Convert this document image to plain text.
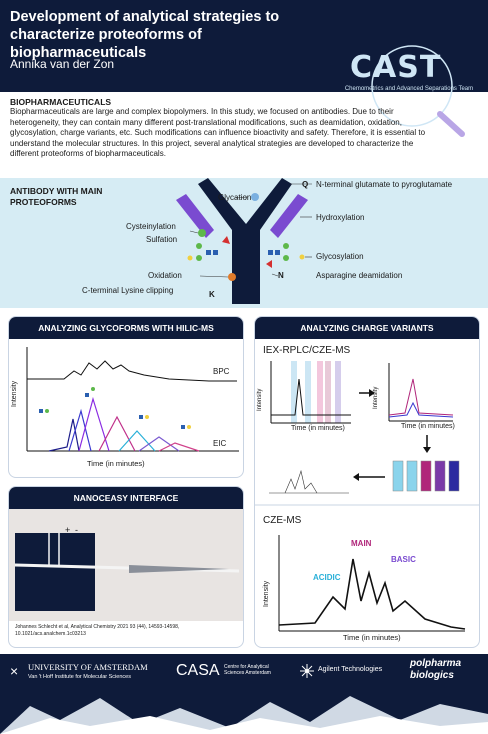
Development of analytical strategies to characterize proteoforms of biopharmaceuticals
Annika van der Zon	CAST
Chemometrics and Advanced Separations Team
BIOPHARMACEUTICALS
Biopharmaceuticals are large and complex biopolymers. In this study, we focused on antibodies. Due to their heterogeneity, they can contain many different post-translational modifications, such as deamidation, oxidation, glycosylation, charge variants, etc. Such modifications can influence bioactivity and safety. Therefore, it is essential to understand the molecular structures. In this project, several analytical strategies are developed to characterize the different proteoforms of biopharmaceuticals.
ANTIBODY WITH MAIN PROTEOFORMS	Glycation
Q N-terminal glutamate to pyroglutamate
Hydroxylation
Cysteinylation
Sulfation
Glycosylation
Oxidation	N	Asparagine deamidation
C-terminal Lysine clipping	K
ANALYZING GLYCOFORMS WITH HILIC-MS
BPC
EIC
Intensity
Time (in minutes)
NANOCEASY INTERFACE
+ -
Johannes Schlecht et al, Analytical Chemistry 2021 93 (44), 14593-14598, 10.1021/acs.analchem.1c03213
ANALYZING CHARGE VARIANTS
IEX-RPLC/CZE-MS
Intensity
Time (in minutes)
Intensity
Time (in minutes)
CZE-MS
MAIN
ACIDIC
BASIC
Intensity
Time (in minutes)
× UNIVERSITY OF AMSTERDAM
Van 't Hoff Institute for Molecular Sciences	CASA Centre for Analytical Sciences Amsterdam	Agilent Technologies
polpharma
biologics
